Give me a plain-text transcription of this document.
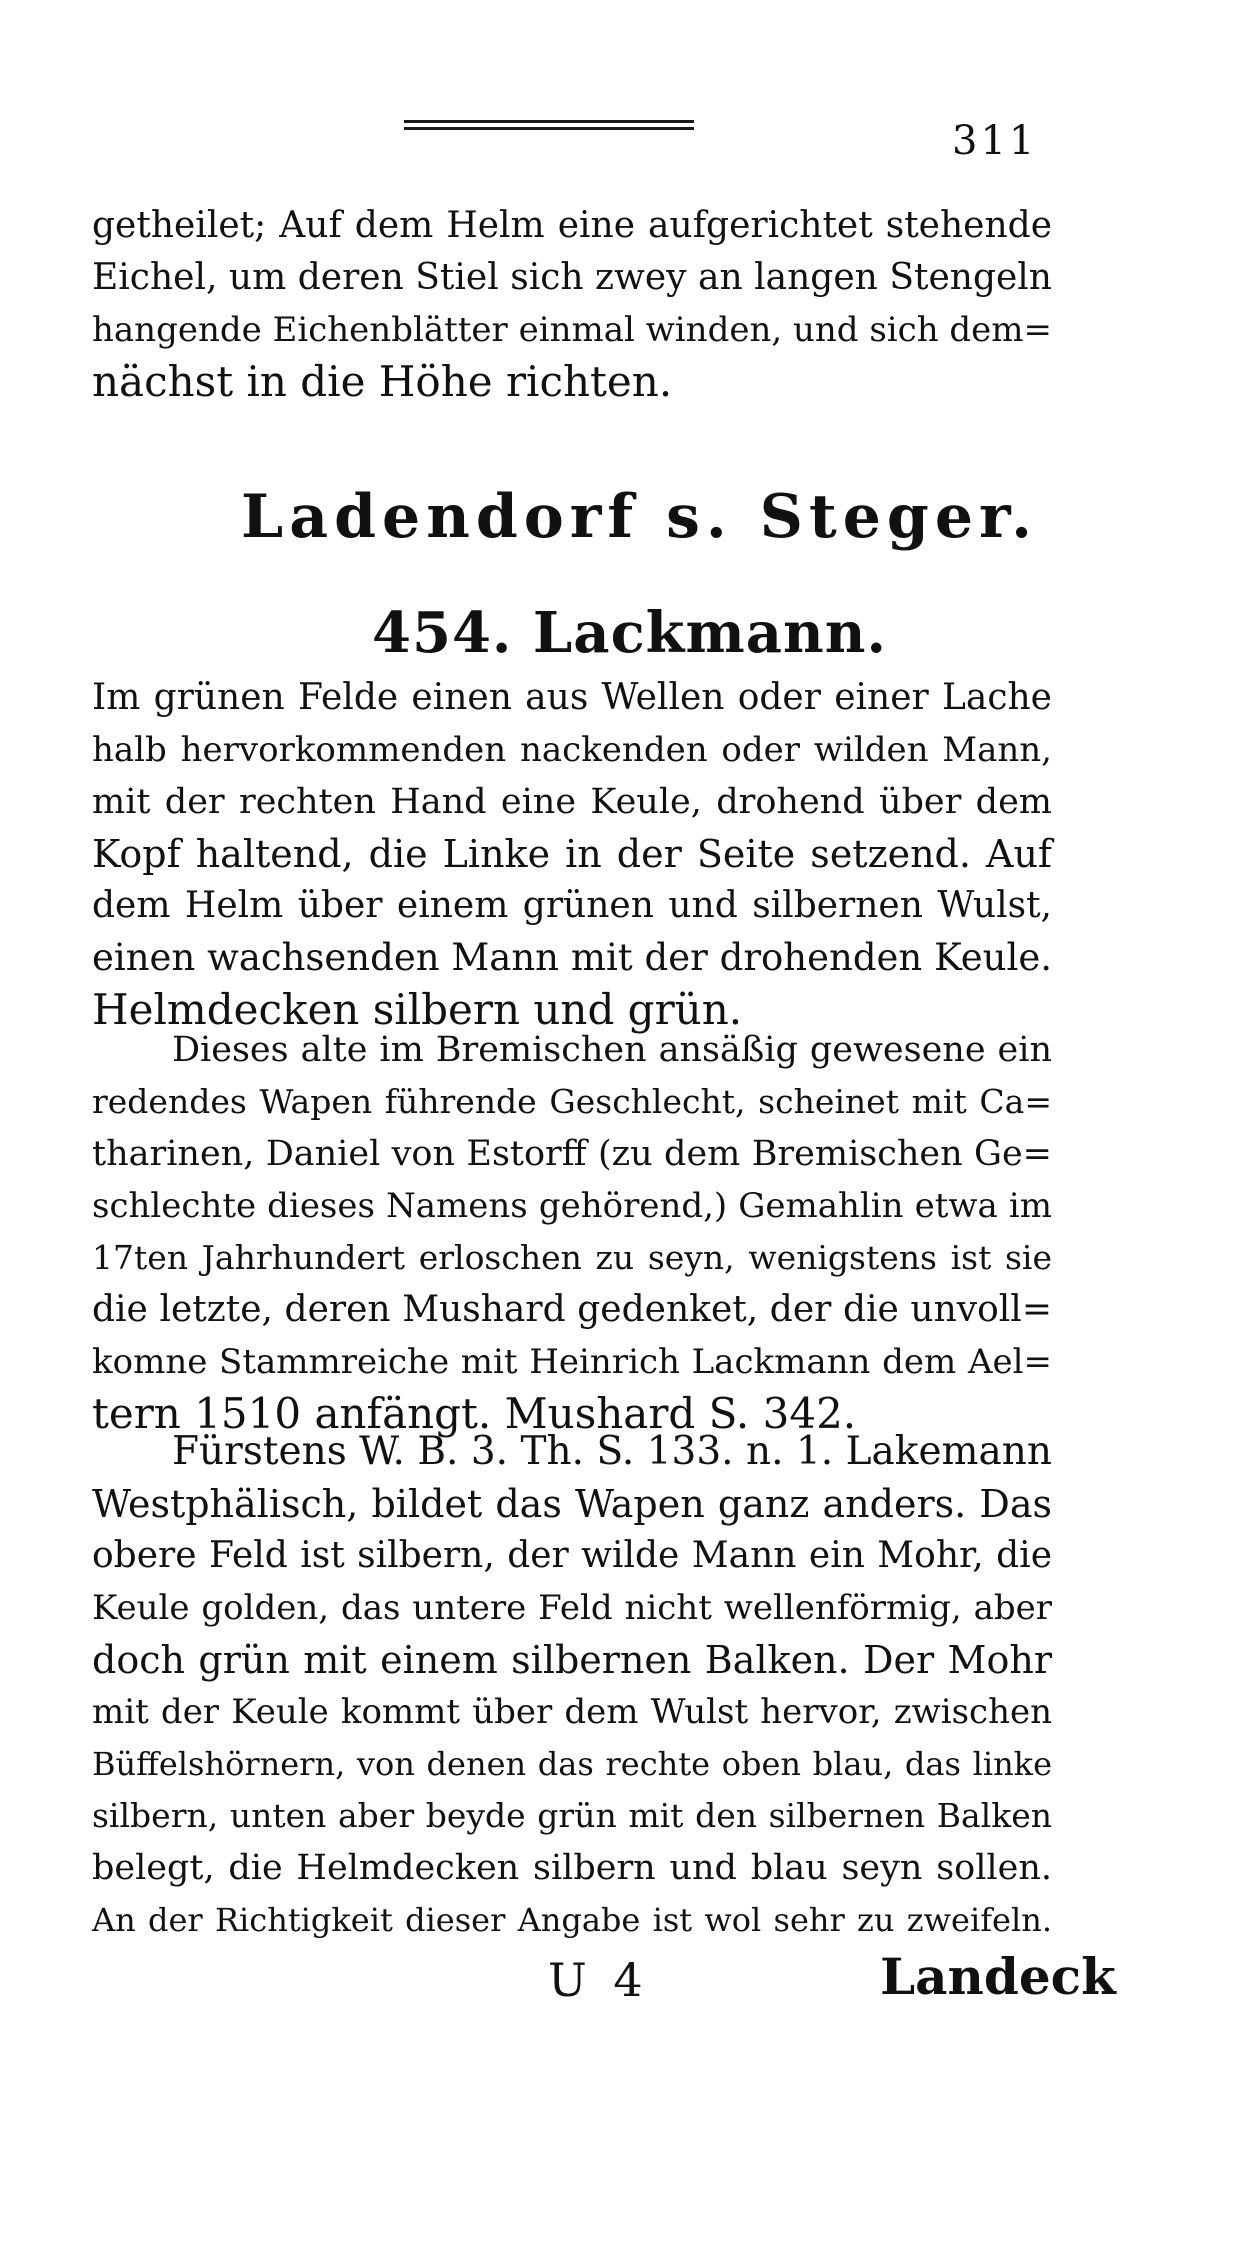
311
getheilet; Auf dem Helm eine aufgerichtet stehende
Eichel, um deren Stiel sich zwey an langen Stengeln
hangende Eichenblätter einmal winden, und sich dem=
nächst in die Höhe richten.
Ladendorf s. Steger.
454. Lackmann.
Im grünen Felde einen aus Wellen oder einer Lache
halb hervorkommenden nackenden oder wilden Mann,
mit der rechten Hand eine Keule, drohend über dem
Kopf haltend, die Linke in der Seite setzend. Auf
dem Helm über einem grünen und silbernen Wulst,
einen wachsenden Mann mit der drohenden Keule.
Helmdecken silbern und grün.
Dieses alte im Bremischen ansäßig gewesene ein
redendes Wapen führende Geschlecht, scheinet mit Ca=
tharinen, Daniel von Estorff (zu dem Bremischen Ge=
schlechte dieses Namens gehörend,) Gemahlin etwa im
17ten Jahrhundert erloschen zu seyn, wenigstens ist sie
die letzte, deren Mushard gedenket, der die unvoll=
komne Stammreiche mit Heinrich Lackmann dem Ael=
tern 1510 anfängt. Mushard S. 342.
Fürstens W. B. 3. Th. S. 133. n. 1. Lakemann
Westphälisch, bildet das Wapen ganz anders. Das
obere Feld ist silbern, der wilde Mann ein Mohr, die
Keule golden, das untere Feld nicht wellenförmig, aber
doch grün mit einem silbernen Balken. Der Mohr
mit der Keule kommt über dem Wulst hervor, zwischen
Büffelshörnern, von denen das rechte oben blau, das linke
silbern, unten aber beyde grün mit den silbernen Balken
belegt, die Helmdecken silbern und blau seyn sollen.
An der Richtigkeit dieser Angabe ist wol sehr zu zweifeln.
U 4	Landeck
